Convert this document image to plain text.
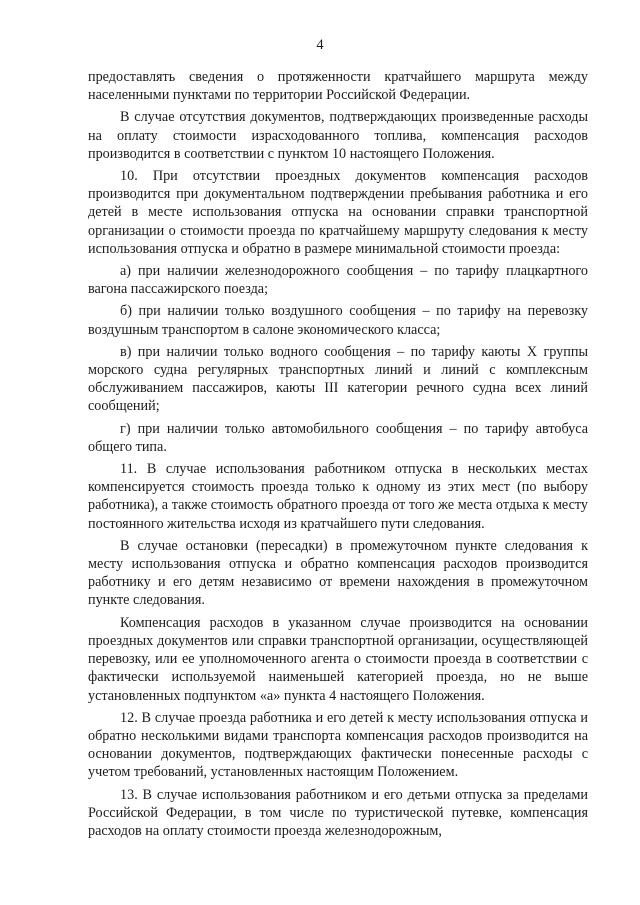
4

предоставлять сведения о протяженности кратчайшего маршрута между населенными пунктами по территории Российской Федерации.

В случае отсутствия документов, подтверждающих произведенные расходы на оплату стоимости израсходованного топлива, компенсация расходов производится в соответствии с пунктом 10 настоящего Положения.

10. При отсутствии проездных документов компенсация расходов производится при документальном подтверждении пребывания работника и его детей в месте использования отпуска на основании справки транспортной организации о стоимости проезда по кратчайшему маршруту следования к месту использования отпуска и обратно в размере минимальной стоимости проезда:

а) при наличии железнодорожного сообщения – по тарифу плацкартного вагона пассажирского поезда;

б) при наличии только воздушного сообщения – по тарифу на перевозку воздушным транспортом в салоне экономического класса;

в) при наличии только водного сообщения – по тарифу каюты X группы морского судна регулярных транспортных линий и линий с комплексным обслуживанием пассажиров, каюты III категории речного судна всех линий сообщений;

г) при наличии только автомобильного сообщения – по тарифу автобуса общего типа.

11. В случае использования работником отпуска в нескольких местах компенсируется стоимость проезда только к одному из этих мест (по выбору работника), а также стоимость обратного проезда от того же места отдыха к месту постоянного жительства исходя из кратчайшего пути следования.

В случае остановки (пересадки) в промежуточном пункте следования к месту использования отпуска и обратно компенсация расходов производится работнику и его детям независимо от времени нахождения в промежуточном пункте следования.

Компенсация расходов в указанном случае производится на основании проездных документов или справки транспортной организации, осуществляющей перевозку, или ее уполномоченного агента о стоимости проезда в соответствии с фактически используемой наименьшей категорией проезда, но не выше установленных подпунктом «а» пункта 4 настоящего Положения.

12. В случае проезда работника и его детей к месту использования отпуска и обратно несколькими видами транспорта компенсация расходов производится на основании документов, подтверждающих фактически понесенные расходы с учетом требований, установленных настоящим Положением.

13. В случае использования работником и его детьми отпуска за пределами Российской Федерации, в том числе по туристической путевке, компенсация расходов на оплату стоимости проезда железнодорожным,
